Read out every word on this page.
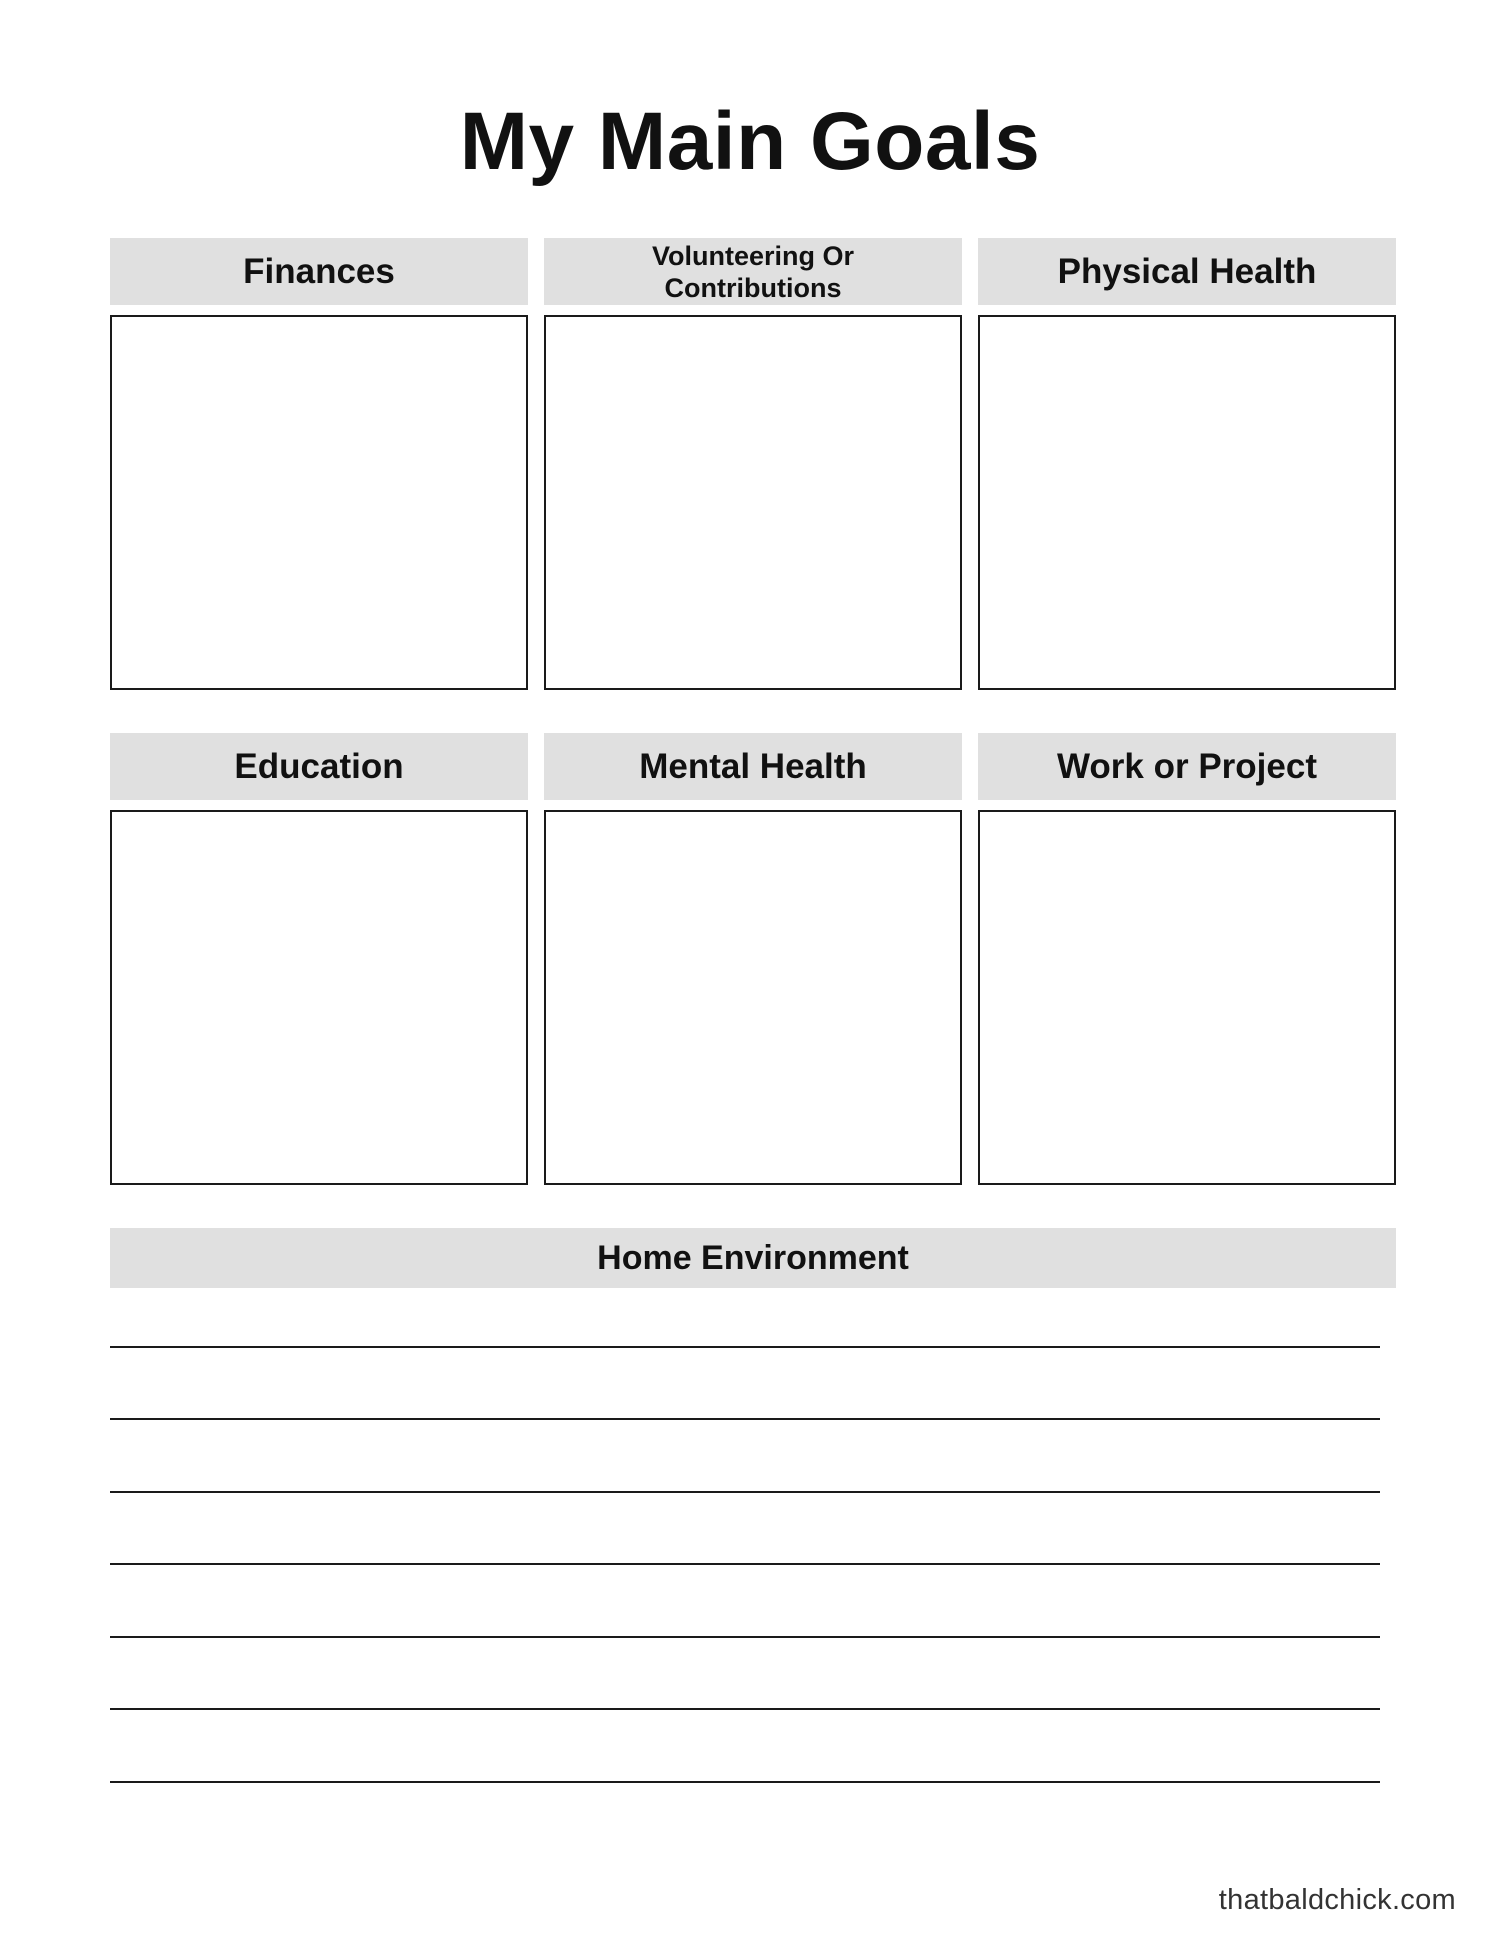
My Main Goals
Finances	Volunteering Or
Contributions	Physical Health
Education	Mental Health	Work or Project
Home Environment
thatbaldchick.com
